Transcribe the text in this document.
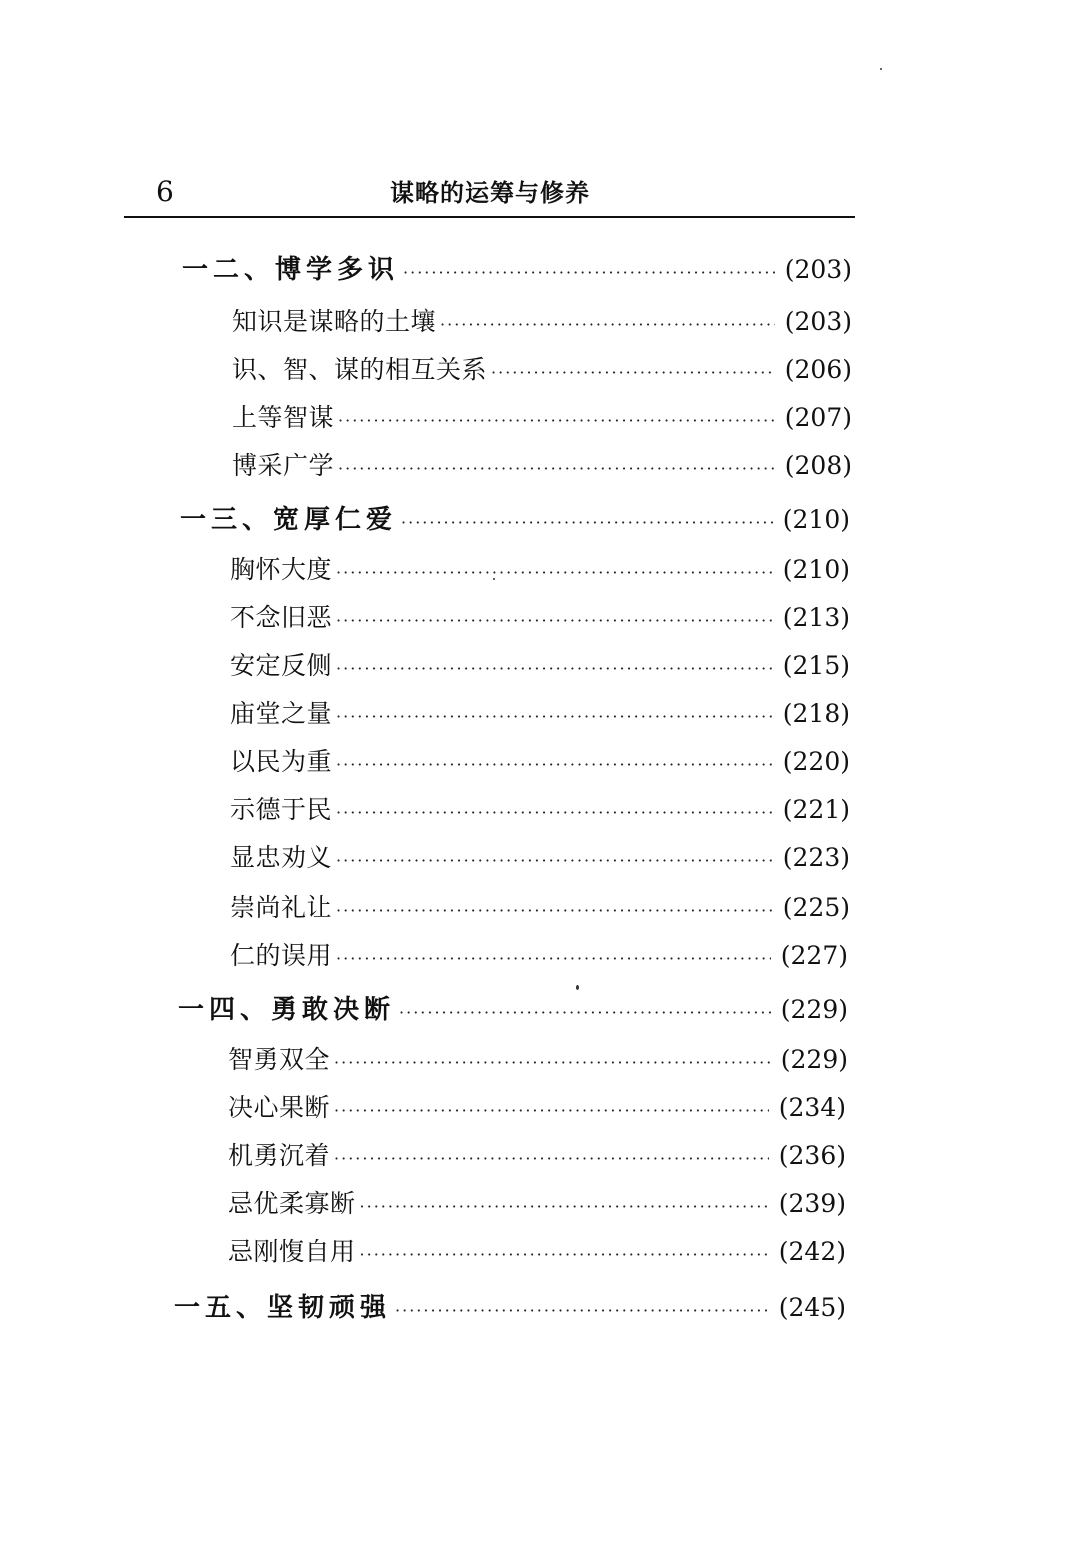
6	谋略的运筹与修养
一二、博学多识 ·····	(203)
知识是谋略的土壤 ·····	(203)
识、智、谋的相互关系 ·····	(206)
上等智谋 ·····	(207)
博采广学 ·····	(208)
一三、宽厚仁爱 ·····	(210)
胸怀大度 ·····	(210)
不念旧恶 ·····	(213)
安定反侧 ·····	(215)
庙堂之量 ·····	(218)
以民为重 ·····	(220)
示德于民 ·····	(221)
显忠劝义 ·····	(223)
崇尚礼让 ·····	(225)
仁的误用 ·····	(227)
一四、勇敢决断 ·····	(229)
智勇双全 ·····	(229)
决心果断 ·····	(234)
机勇沉着 ·····	(236)
忌优柔寡断 ·····	(239)
忌刚愎自用 ·····	(242)
一五、坚韧顽强 ·····	(245)
